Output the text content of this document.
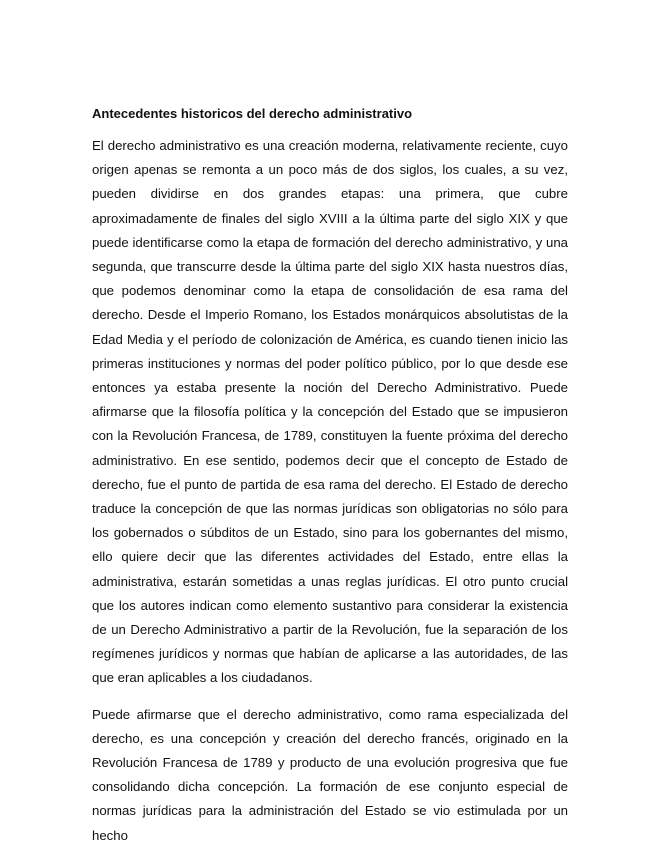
Antecedentes historicos del derecho administrativo

El derecho administrativo es una creación moderna, relativamente reciente, cuyo origen apenas se remonta a un poco más de dos siglos, los cuales, a su vez, pueden dividirse en dos grandes etapas: una primera, que cubre aproximadamente de finales del siglo XVIII a la última parte del siglo XIX y que puede identificarse como la etapa de formación del derecho administrativo, y una segunda, que transcurre desde la última parte del siglo XIX hasta nuestros días, que podemos denominar como la etapa de consolidación de esa rama del derecho. Desde el Imperio Romano, los Estados monárquicos absolutistas de la Edad Media y el período de colonización de América, es cuando tienen inicio las primeras instituciones y normas del poder político público, por lo que desde ese entonces ya estaba presente la noción del Derecho Administrativo. Puede afirmarse que la filosofía política y la concepción del Estado que se impusieron con la Revolución Francesa, de 1789, constituyen la fuente próxima del derecho administrativo. En ese sentido, podemos decir que el concepto de Estado de derecho, fue el punto de partida de esa rama del derecho. El Estado de derecho traduce la concepción de que las normas jurídicas son obligatorias no sólo para los gobernados o súbditos de un Estado, sino para los gobernantes del mismo, ello quiere decir que las diferentes actividades del Estado, entre ellas la administrativa, estarán sometidas a unas reglas jurídicas. El otro punto crucial que los autores indican como elemento sustantivo para considerar la existencia de un Derecho Administrativo a partir de la Revolución, fue la separación de los regímenes jurídicos y normas que habían de aplicarse a las autoridades, de las que eran aplicables a los ciudadanos.

Puede afirmarse que el derecho administrativo, como rama especializada del derecho, es una concepción y creación del derecho francés, originado en la Revolución Francesa de 1789 y producto de una evolución progresiva que fue consolidando dicha concepción. La formación de ese conjunto especial de normas jurídicas para la administración del Estado se vio estimulada por un hecho
